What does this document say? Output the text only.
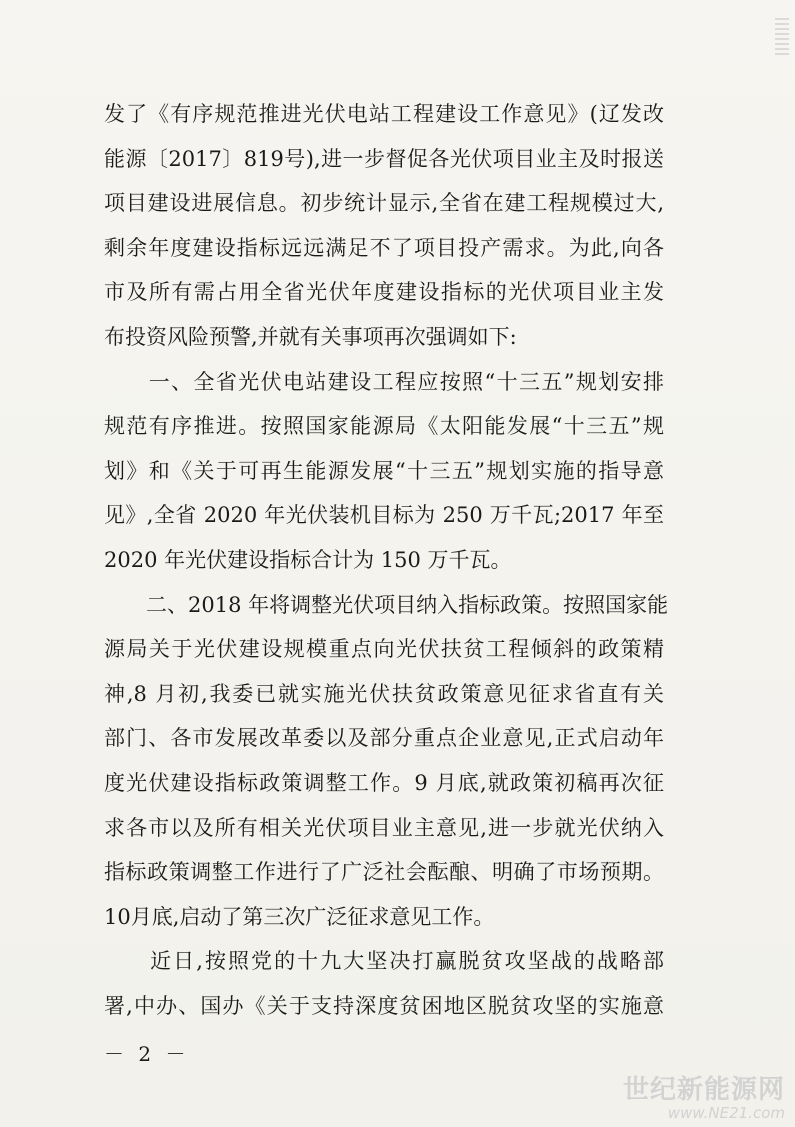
发了《有序规范推进光伏电站工程建设工作意见》(辽发改
能源〔2017〕819号),进一步督促各光伏项目业主及时报送
项目建设进展信息。初步统计显示,全省在建工程规模过大,
剩余年度建设指标远远满足不了项目投产需求。为此,向各
市及所有需占用全省光伏年度建设指标的光伏项目业主发
布投资风险预警,并就有关事项再次强调如下:
　　一、全省光伏电站建设工程应按照“十三五”规划安排
规范有序推进。按照国家能源局《太阳能发展“十三五”规
划》和《关于可再生能源发展“十三五”规划实施的指导意
见》,全省 2020 年光伏装机目标为 250 万千瓦;2017 年至
2020 年光伏建设指标合计为 150 万千瓦。
　　二、2018 年将调整光伏项目纳入指标政策。按照国家能
源局关于光伏建设规模重点向光伏扶贫工程倾斜的政策精
神,8 月初,我委已就实施光伏扶贫政策意见征求省直有关
部门、各市发展改革委以及部分重点企业意见,正式启动年
度光伏建设指标政策调整工作。9 月底,就政策初稿再次征
求各市以及所有相关光伏项目业主意见,进一步就光伏纳入
指标政策调整工作进行了广泛社会酝酿、明确了市场预期。
10月底,启动了第三次广泛征求意见工作。
　　近日,按照党的十九大坚决打赢脱贫攻坚战的战略部
署,中办、国办《关于支持深度贫困地区脱贫攻坚的实施意
－ 2 －
世纪新能源网
www.NE21.com
